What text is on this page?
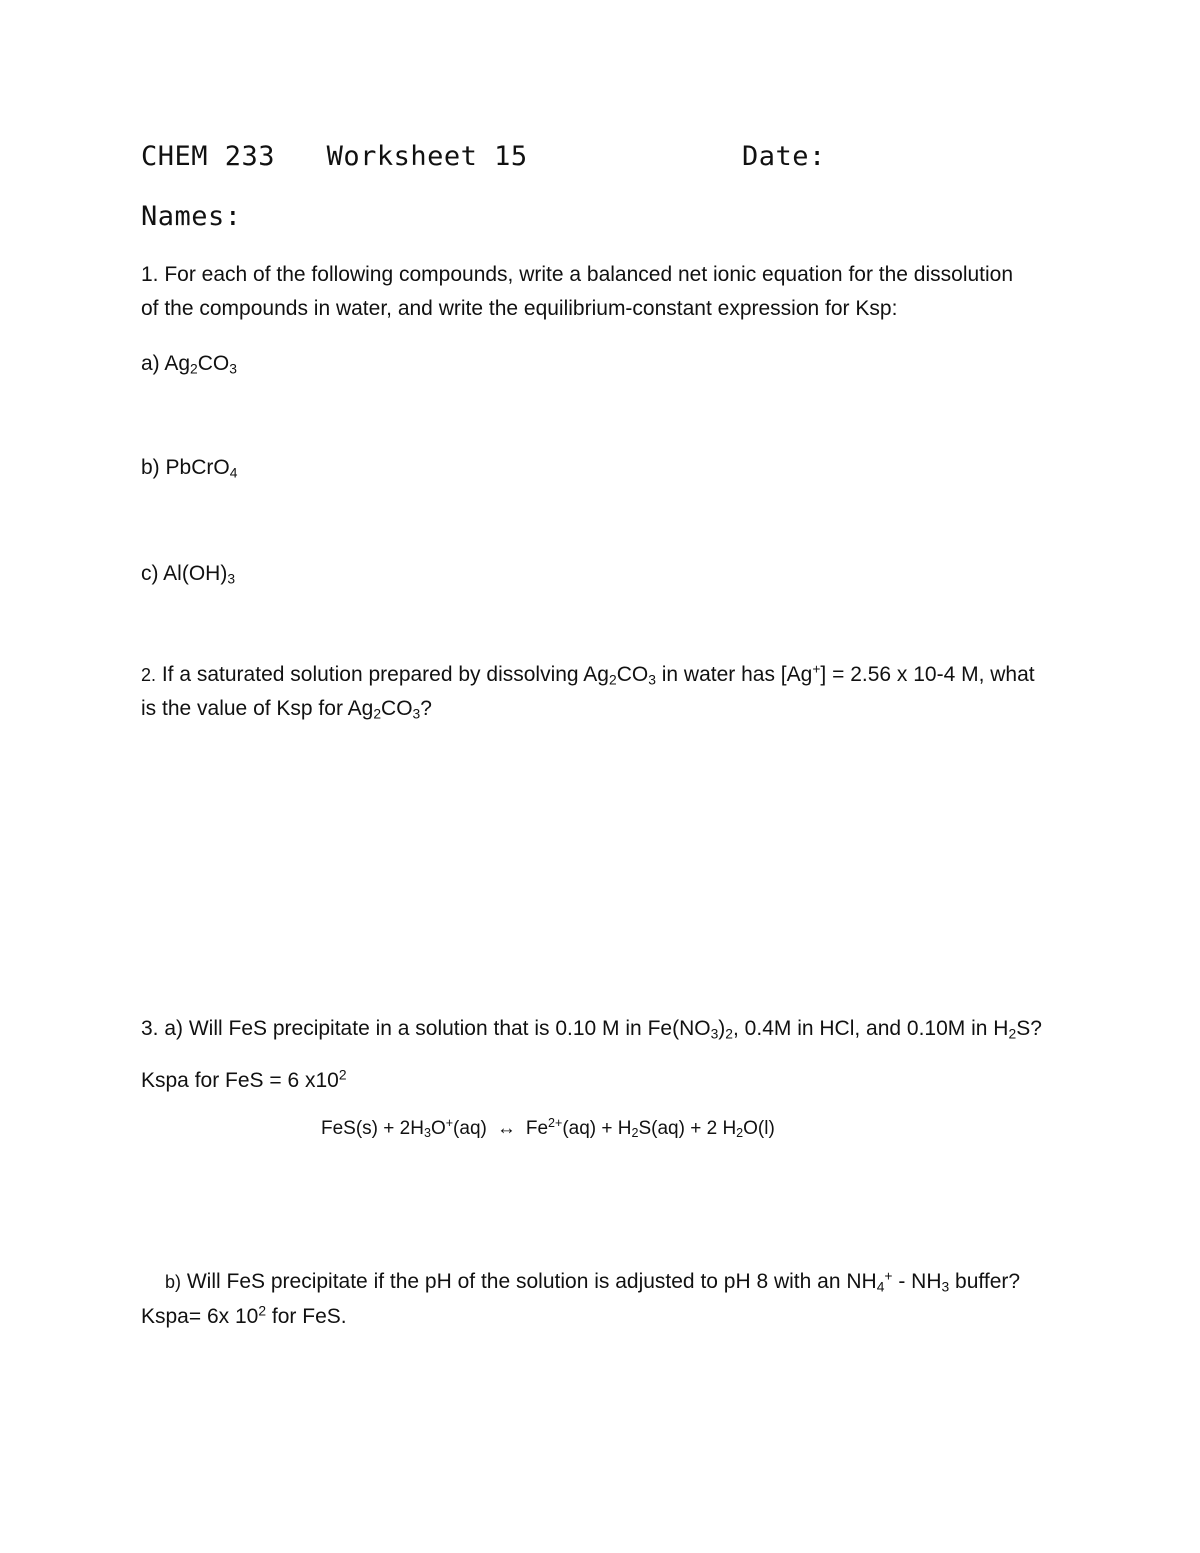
CHEM 233 Worksheet 15	Date:
Names:
1. For each of the following compounds, write a balanced net ionic equation for the dissolution
of the compounds in water, and write the equilibrium-constant expression for Ksp:
a) $Ag_2CO_3$
b) PbCrO$_4$
c) $Al(OH)_3$
2. If a saturated solution prepared by dissolving $Ag_2CO_3$ in water has [Ag+] = 2.56 x 10-4 M, what
is the value of Ksp for $Ag_2CO_3$?
3. a) Will FeS precipitate in a solution that is 0.10 M in $Fe(NO_3)_2$, 0.4M in HCl, and 0.10M in $H_2S$?
Kspa for FeS = 6 $x10^2$
$FeS(s) + 2H_3O^+(aq)$ ↔ $Fe^{2+}(aq) + H_2S(aq) + 2$ $H_2O(l)$
b) Will FeS precipitate if the pH of the solution is adjusted to pH 8 with an $NH_4^+ - NH_3$ buffer?
Kspa= 6x $10^2$ for FeS.
